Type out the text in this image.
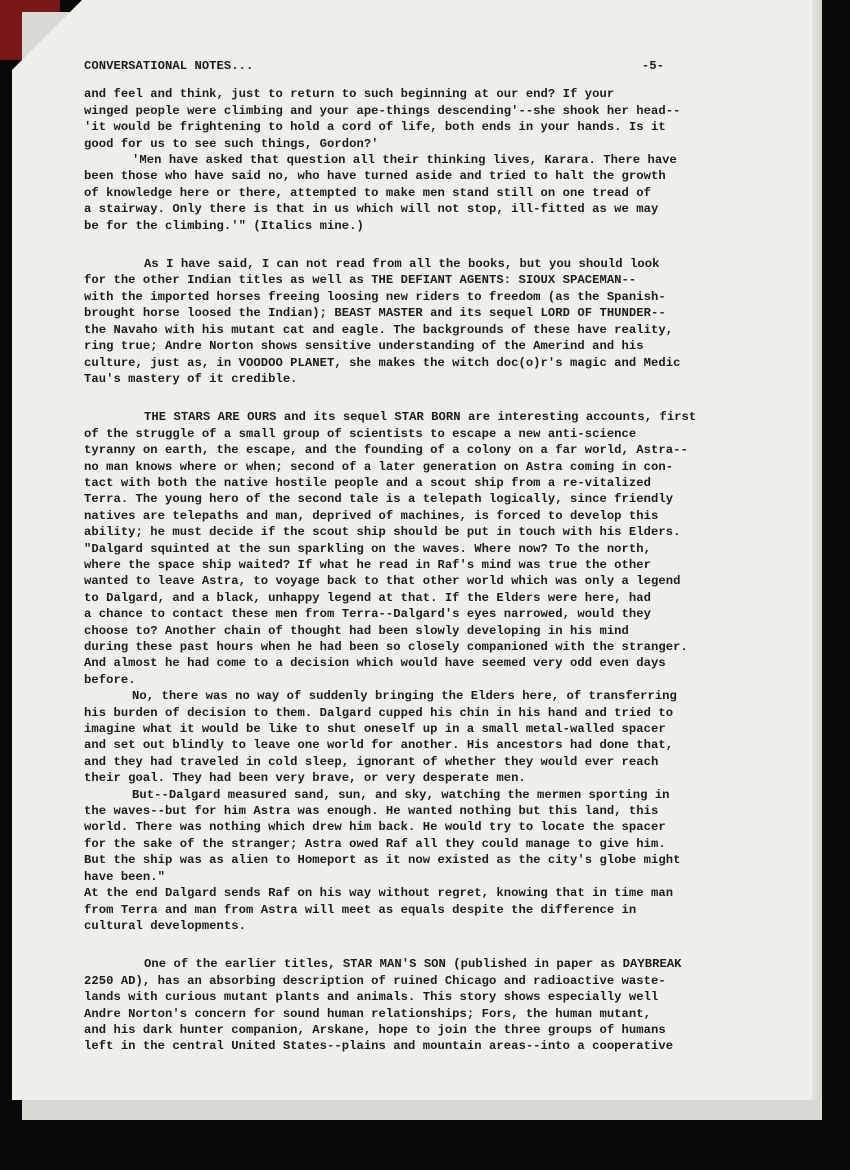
CONVERSATIONAL NOTES...	-5-

and feel and think, just to return to such beginning at our end? If your
winged people were climbing and your ape-things descending'--she shook her head--
'it would be frightening to hold a cord of life, both ends in your hands. Is it
good for us to see such things, Gordon?'

'Men have asked that question all their thinking lives, Karara. There have
been those who have said no, who have turned aside and tried to halt the growth
of knowledge here or there, attempted to make men stand still on one tread of
a stairway. Only there is that in us which will not stop, ill-fitted as we may
be for the climbing.'" (Italics mine.)

As I have said, I can not read from all the books, but you should look
for the other Indian titles as well as THE DEFIANT AGENTS: SIOUX SPACEMAN--
with the imported horses freeing loosing new riders to freedom (as the Spanish-
brought horse loosed the Indian); BEAST MASTER and its sequel LORD OF THUNDER--
the Navaho with his mutant cat and eagle. The backgrounds of these have reality,
ring true; Andre Norton shows sensitive understanding of the Amerind and his
culture, just as, in VOODOO PLANET, she makes the witch doc(o)r's magic and Medic
Tau's mastery of it credible.

THE STARS ARE OURS and its sequel STAR BORN are interesting accounts, first
of the struggle of a small group of scientists to escape a new anti-science
tyranny on earth, the escape, and the founding of a colony on a far world, Astra--
no man knows where or when; second of a later generation on Astra coming in con-
tact with both the native hostile people and a scout ship from a re-vitalized
Terra. The young hero of the second tale is a telepath logically, since friendly
natives are telepaths and man, deprived of machines, is forced to develop this
ability; he must decide if the scout ship should be put in touch with his Elders.
"Dalgard squinted at the sun sparkling on the waves. Where now? To the north,
where the space ship waited? If what he read in Raf's mind was true the other
wanted to leave Astra, to voyage back to that other world which was only a legend
to Dalgard, and a black, unhappy legend at that. If the Elders were here, had
a chance to contact these men from Terra--Dalgard's eyes narrowed, would they
choose to? Another chain of thought had been slowly developing in his mind
during these past hours when he had been so closely companioned with the stranger.
And almost he had come to a decision which would have seemed very odd even days
before.

No, there was no way of suddenly bringing the Elders here, of transferring
his burden of decision to them. Dalgard cupped his chin in his hand and tried to
imagine what it would be like to shut oneself up in a small metal-walled spacer
and set out blindly to leave one world for another. His ancestors had done that,
and they had traveled in cold sleep, ignorant of whether they would ever reach
their goal. They had been very brave, or very desperate men.

But--Dalgard measured sand, sun, and sky, watching the mermen sporting in
the waves--but for him Astra was enough. He wanted nothing but this land, this
world. There was nothing which drew him back. He would try to locate the spacer
for the sake of the stranger; Astra owed Raf all they could manage to give him.
But the ship was as alien to Homeport as it now existed as the city's globe might
have been."

At the end Dalgard sends Raf on his way without regret, knowing that in time man
from Terra and man from Astra will meet as equals despite the difference in
cultural developments.

One of the earlier titles, STAR MAN'S SON (published in paper as DAYBREAK
2250 AD), has an absorbing description of ruined Chicago and radioactive waste-
lands with curious mutant plants and animals. This story shows especially well
Andre Norton's concern for sound human relationships; Fors, the human mutant,
and his dark hunter companion, Arskane, hope to join the three groups of humans
left in the central United States--plains and mountain areas--into a cooperative
